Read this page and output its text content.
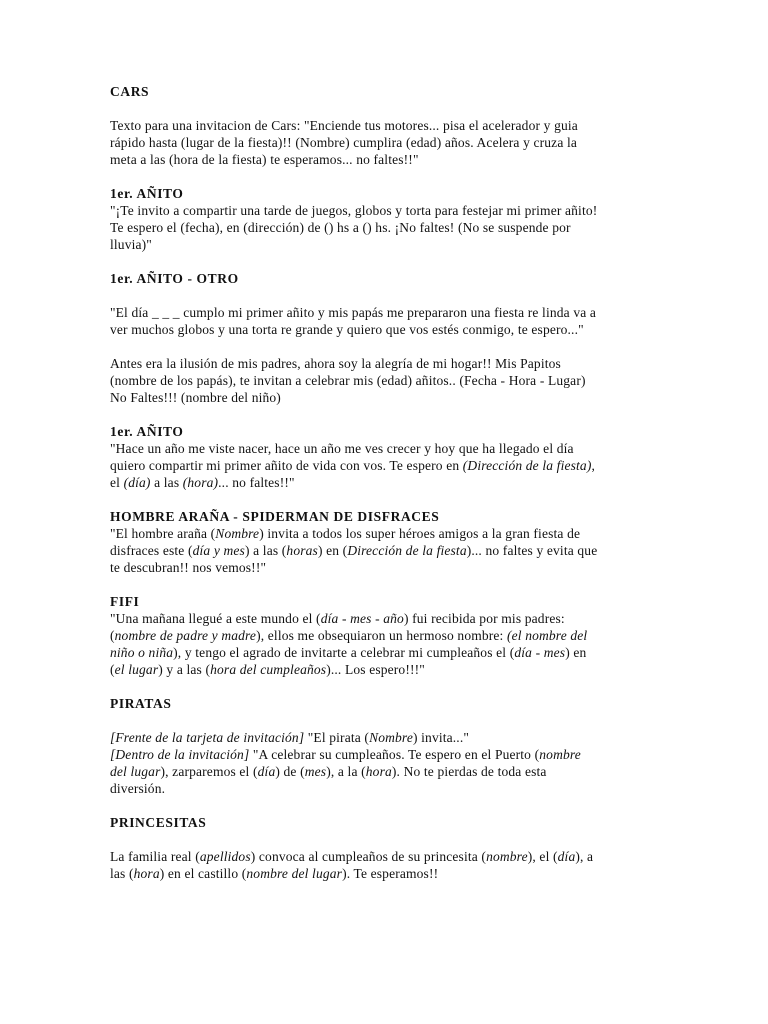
CARS

Texto para una invitacion de Cars: "Enciende tus motores... pisa el acelerador y guia
rápido hasta (lugar de la fiesta)!! (Nombre) cumplira (edad) años. Acelera y cruza la
meta a las (hora de la fiesta) te esperamos... no faltes!!"

1er. AÑITO

"¡Te invito a compartir una tarde de juegos, globos y torta para festejar mi primer añito!
Te espero el (fecha), en (dirección) de () hs a () hs. ¡No faltes! (No se suspende por
lluvia)"

1er. AÑITO - OTRO

"El día _ _ _ cumplo mi primer añito y mis papás me prepararon una fiesta re linda va a
ver muchos globos y una torta re grande y quiero que vos estés conmigo, te espero..."

Antes era la ilusión de mis padres, ahora soy la alegría de mi hogar!! Mis Papitos
(nombre de los papás), te invitan a celebrar mis (edad) añitos.. (Fecha - Hora - Lugar)
No Faltes!!! (nombre del niño)

1er. AÑITO

"Hace un año me viste nacer, hace un año me ves crecer y hoy que ha llegado el día
quiero compartir mi primer añito de vida con vos. Te espero en (Dirección de la fiesta),
el (día) a las (hora)... no faltes!!"

HOMBRE ARAÑA - SPIDERMAN DE DISFRACES

"El hombre araña (Nombre) invita a todos los super héroes amigos a la gran fiesta de
disfraces este (día y mes) a las (horas) en (Dirección de la fiesta)... no faltes y evita que
te descubran!! nos vemos!!"

FIFI

"Una mañana llegué a este mundo el (día - mes - año) fui recibida por mis padres:
(nombre de padre y madre), ellos me obsequiaron un hermoso nombre: (el nombre del
niño o niña), y tengo el agrado de invitarte a celebrar mi cumpleaños el (día - mes) en
(el lugar) y a las (hora del cumpleaños)... Los espero!!!"

PIRATAS

[Frente de la tarjeta de invitación] "El pirata (Nombre) invita..."
[Dentro de la invitación] "A celebrar su cumpleaños. Te espero en el Puerto (nombre
del lugar), zarparemos el (día) de (mes), a la (hora). No te pierdas de toda esta
diversión.

PRINCESITAS

La familia real (apellidos) convoca al cumpleaños de su princesita (nombre), el (día), a
las (hora) en el castillo (nombre del lugar). Te esperamos!!
